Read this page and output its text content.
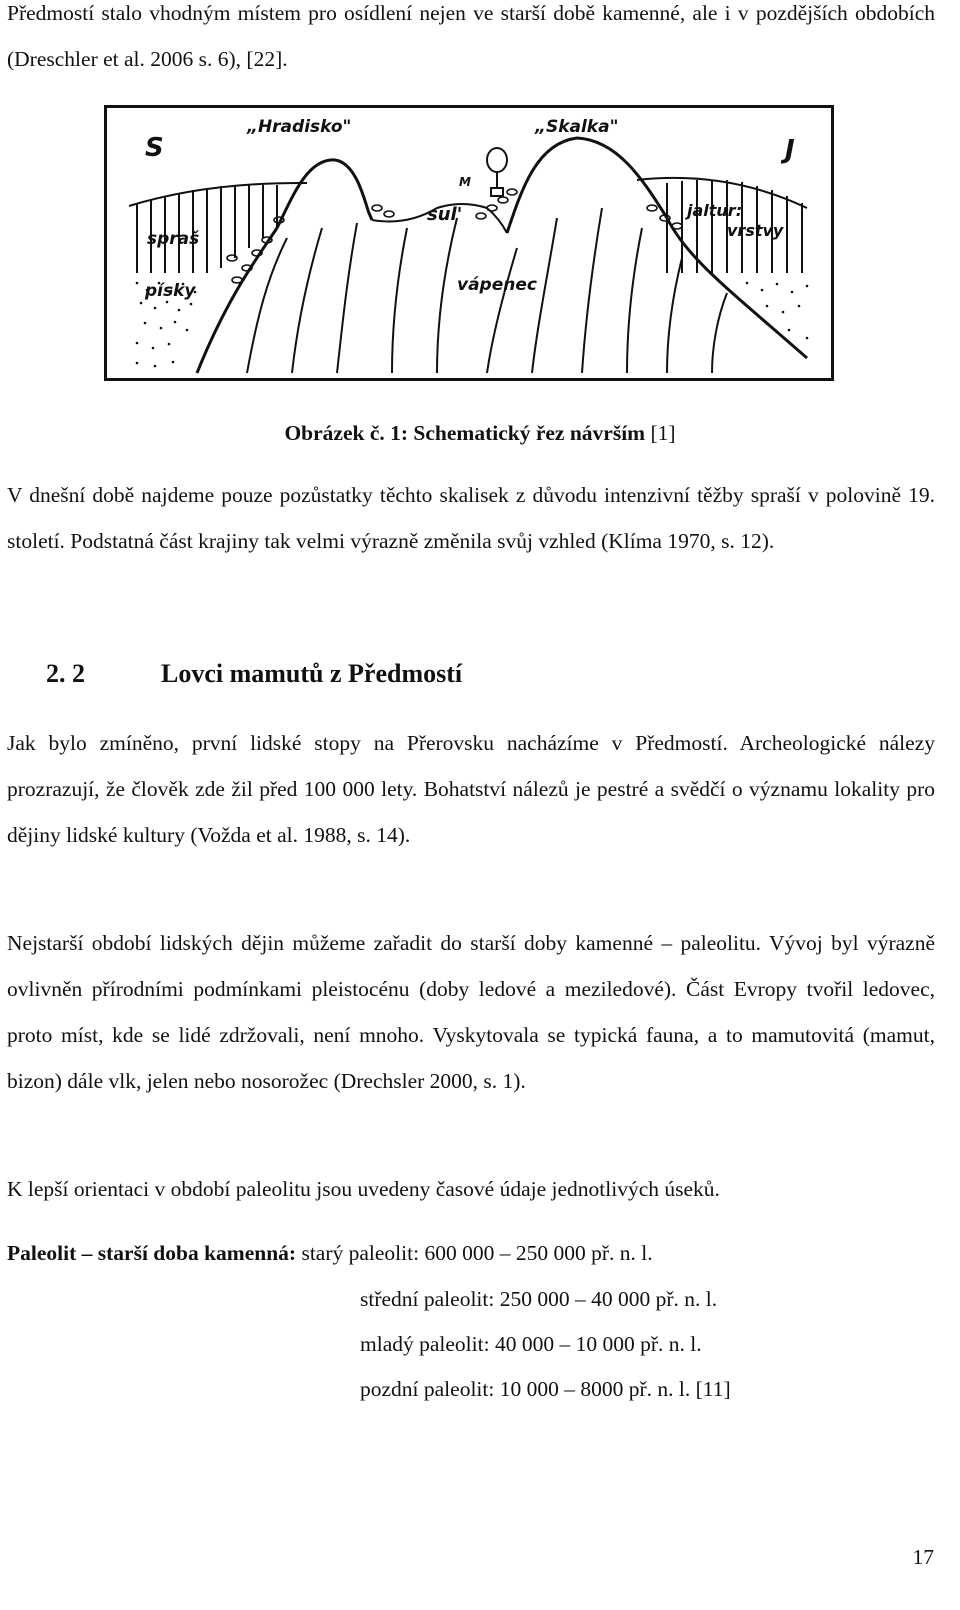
Předmostí stalo vhodným místem pro osídlení nejen ve starší době kamenné, ale i v pozdějších obdobích (Dreschler et al. 2006 s. 6), [22].

S	J
„Hradisko"	„Skalka"
M
sul'
spraš
písky	vápenec
jaltur:
vrstvy
Obrázek č. 1: Schematický řez návrším [1]

V dnešní době najdeme pouze pozůstatky těchto skalisek z důvodu intenzivní těžby spraší v polovině 19. století. Podstatná část krajiny tak velmi výrazně změnila svůj vzhled (Klíma 1970, s. 12).

2. 2	Lovci mamutů z Předmostí

Jak bylo zmíněno, první lidské stopy na Přerovsku nacházíme v Předmostí. Archeologické nálezy prozrazují, že člověk zde žil před 100 000 lety. Bohatství nálezů je pestré a svědčí o významu lokality pro dějiny lidské kultury (Vožda et al. 1988, s. 14).

Nejstarší období lidských dějin můžeme zařadit do starší doby kamenné – paleolitu. Vývoj byl výrazně ovlivněn přírodními podmínkami pleistocénu (doby ledové a meziledové). Část Evropy tvořil ledovec, proto míst, kde se lidé zdržovali, není mnoho. Vyskytovala se typická fauna, a to mamutovitá (mamut, bizon) dále vlk, jelen nebo nosorožec (Drechsler 2000, s. 1).

K lepší orientaci v období paleolitu jsou uvedeny časové údaje jednotlivých úseků.

Paleolit – starší doba kamenná: starý paleolit: 600 000 – 250 000 př. n. l.
střední paleolit: 250 000 – 40 000 př. n. l.
mladý paleolit: 40 000 – 10 000 př. n. l.
pozdní paleolit: 10 000 – 8000 př. n. l. [11]
17
